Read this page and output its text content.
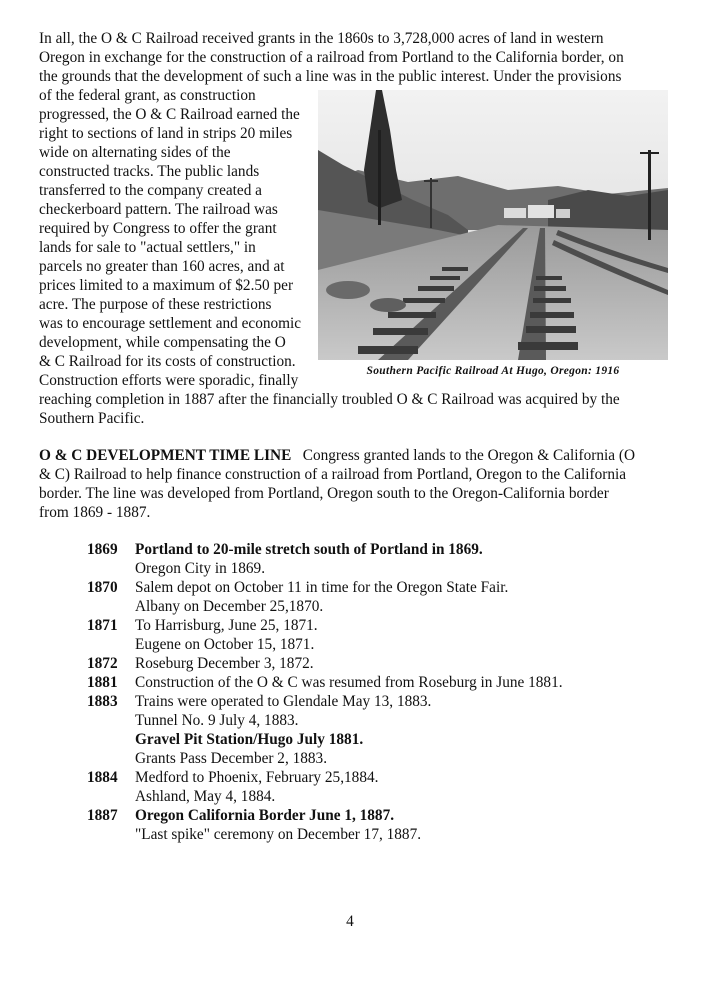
In all, the O & C Railroad received grants in the 1860s to 3,728,000 acres of land in western
Oregon in exchange for the construction of a railroad from Portland to the California border, on
the grounds that the development of such a line was in the public interest. Under the provisions
of the federal grant, as construction
progressed, the O & C Railroad earned the
right to sections of land in strips 20 miles
wide on alternating sides of the
constructed tracks. The public lands
transferred to the company created a
checkerboard pattern. The railroad was
required by Congress to offer the grant
lands for sale to "actual settlers," in
parcels no greater than 160 acres, and at
prices limited to a maximum of $2.50 per
acre. The purpose of these restrictions
was to encourage settlement and economic
development, while compensating the O
& C Railroad for its costs of construction.
Construction efforts were sporadic, finally
Southern Pacific Railroad At Hugo, Oregon: 1916
reaching completion in 1887 after the financially troubled O & C Railroad was acquired by the
Southern Pacific.
O & C DEVELOPMENT TIME LINE Congress granted lands to the Oregon & California (O
& C) Railroad to help finance construction of a railroad from Portland, Oregon to the California
border. The line was developed from Portland, Oregon south to the Oregon-California border
from 1869 - 1887.
1869	Portland to 20-mile stretch south of Portland in 1869.
Oregon City in 1869.
1870	Salem depot on October 11 in time for the Oregon State Fair.
Albany on December 25,1870.
1871	To Harrisburg, June 25, 1871.
Eugene on October 15, 1871.
1872	Roseburg December 3, 1872.
1881	Construction of the O & C was resumed from Roseburg in June 1881.
1883	Trains were operated to Glendale May 13, 1883.
Tunnel No. 9 July 4, 1883.
Gravel Pit Station/Hugo July 1881.
Grants Pass December 2, 1883.
1884	Medford to Phoenix, February 25,1884.
Ashland, May 4, 1884.
1887	Oregon California Border June 1, 1887.
"Last spike" ceremony on December 17, 1887.
4
